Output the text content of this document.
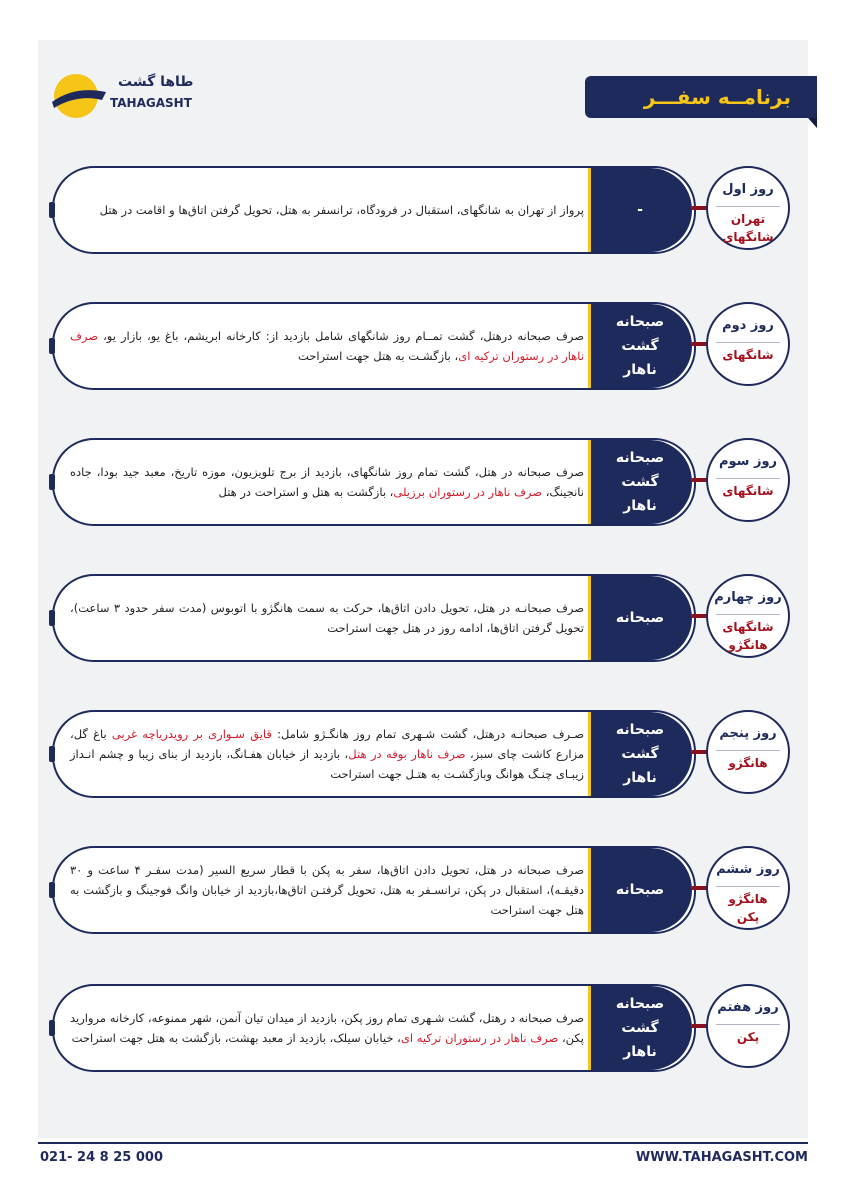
طاها گشت
TAHAGASHT	برنامــه سفـــر
پرواز از تهران به شانگهای، استقبال در فرودگاه، ترانسفر به هتل، تحویل گرفتن اتاق‌ها و اقامت در هتل	-
روز اول
تهران
شانگهای
صرف صبحانه درهتل، گشت تمــام روز شانگهای شامل بازدید از: کارخانه ابریشم، باغ یو، بازار یو، صرف ناهار در رستوران ترکیه ای، بازگشـت به هتل جهت استراحت
صبحانه
گشت
ناهار
روز دوم
شانگهای
صرف صبحانه در هتل، گشت تمام روز شانگهای، بازدید از برج تلویزیون، موزه تاریخ، معبد جید بودا، جاده نانجینگ، صرف ناهار در رستوران برزیلی، بازگشت به هتل و استراحت در هتل
صبحانه
گشت
ناهار
روز سوم
شانگهای
صرف صبحانـه در هتل، تحویل دادن اتاق‌ها، حرکت به سمت هانگژو با اتوبوس (مدت سفر حدود ۳ ساعت)، تحویل گرفتن اتاق‌ها، ادامه روز در هتل جهت استراحت
صبحانه
روز چهارم
شانگهای
هانگژو
صـرف صبحانـه درهتل، گشت شـهری تمام روز هانگـژو شامل: قایق سـواری بر رویدریاچه غربی باغ گل، مزارع کاشت چای سبز، صرف ناهار بوفه در هتل، بازدید از خیابان هفـانگ، بازدید از بنای زیبا و چشم انـداز زیبـای چنـگ هوانگ وبازگشـت به هتـل جهت استراحت
صبحانه
گشت
ناهار
روز پنجم
هانگژو
صرف صبحانه در هتل، تحویل دادن اتاق‌ها، سفر به پکن با قطار سریع السیر (مدت سفـر ۴ ساعت و ۳۰ دقیقـه)، استقبال در پکن، ترانسـفر به هتل، تحویل گرفتـن اتاق‌ها،بازدید از خیابان وانگ فوجینگ و بازگشت به هتل جهت استراحت
صبحانه
روز ششم
هانگژو
پکن
صرف صبحانه د رهتل، گشت شـهری تمام روز پکن، بازدید از میدان تیان آنمن، شهر ممنوعه، کارخانه مروارید پکن، صرف ناهار در رستوران ترکیه ای، خیابان سیلک، بازدید از معبد بهشت، بازگشت به هتل جهت استراحت
صبحانه
گشت
ناهار
روز هفتم
پکن
021- 24 8 25 000	WWW.TAHAGASHT.COM
